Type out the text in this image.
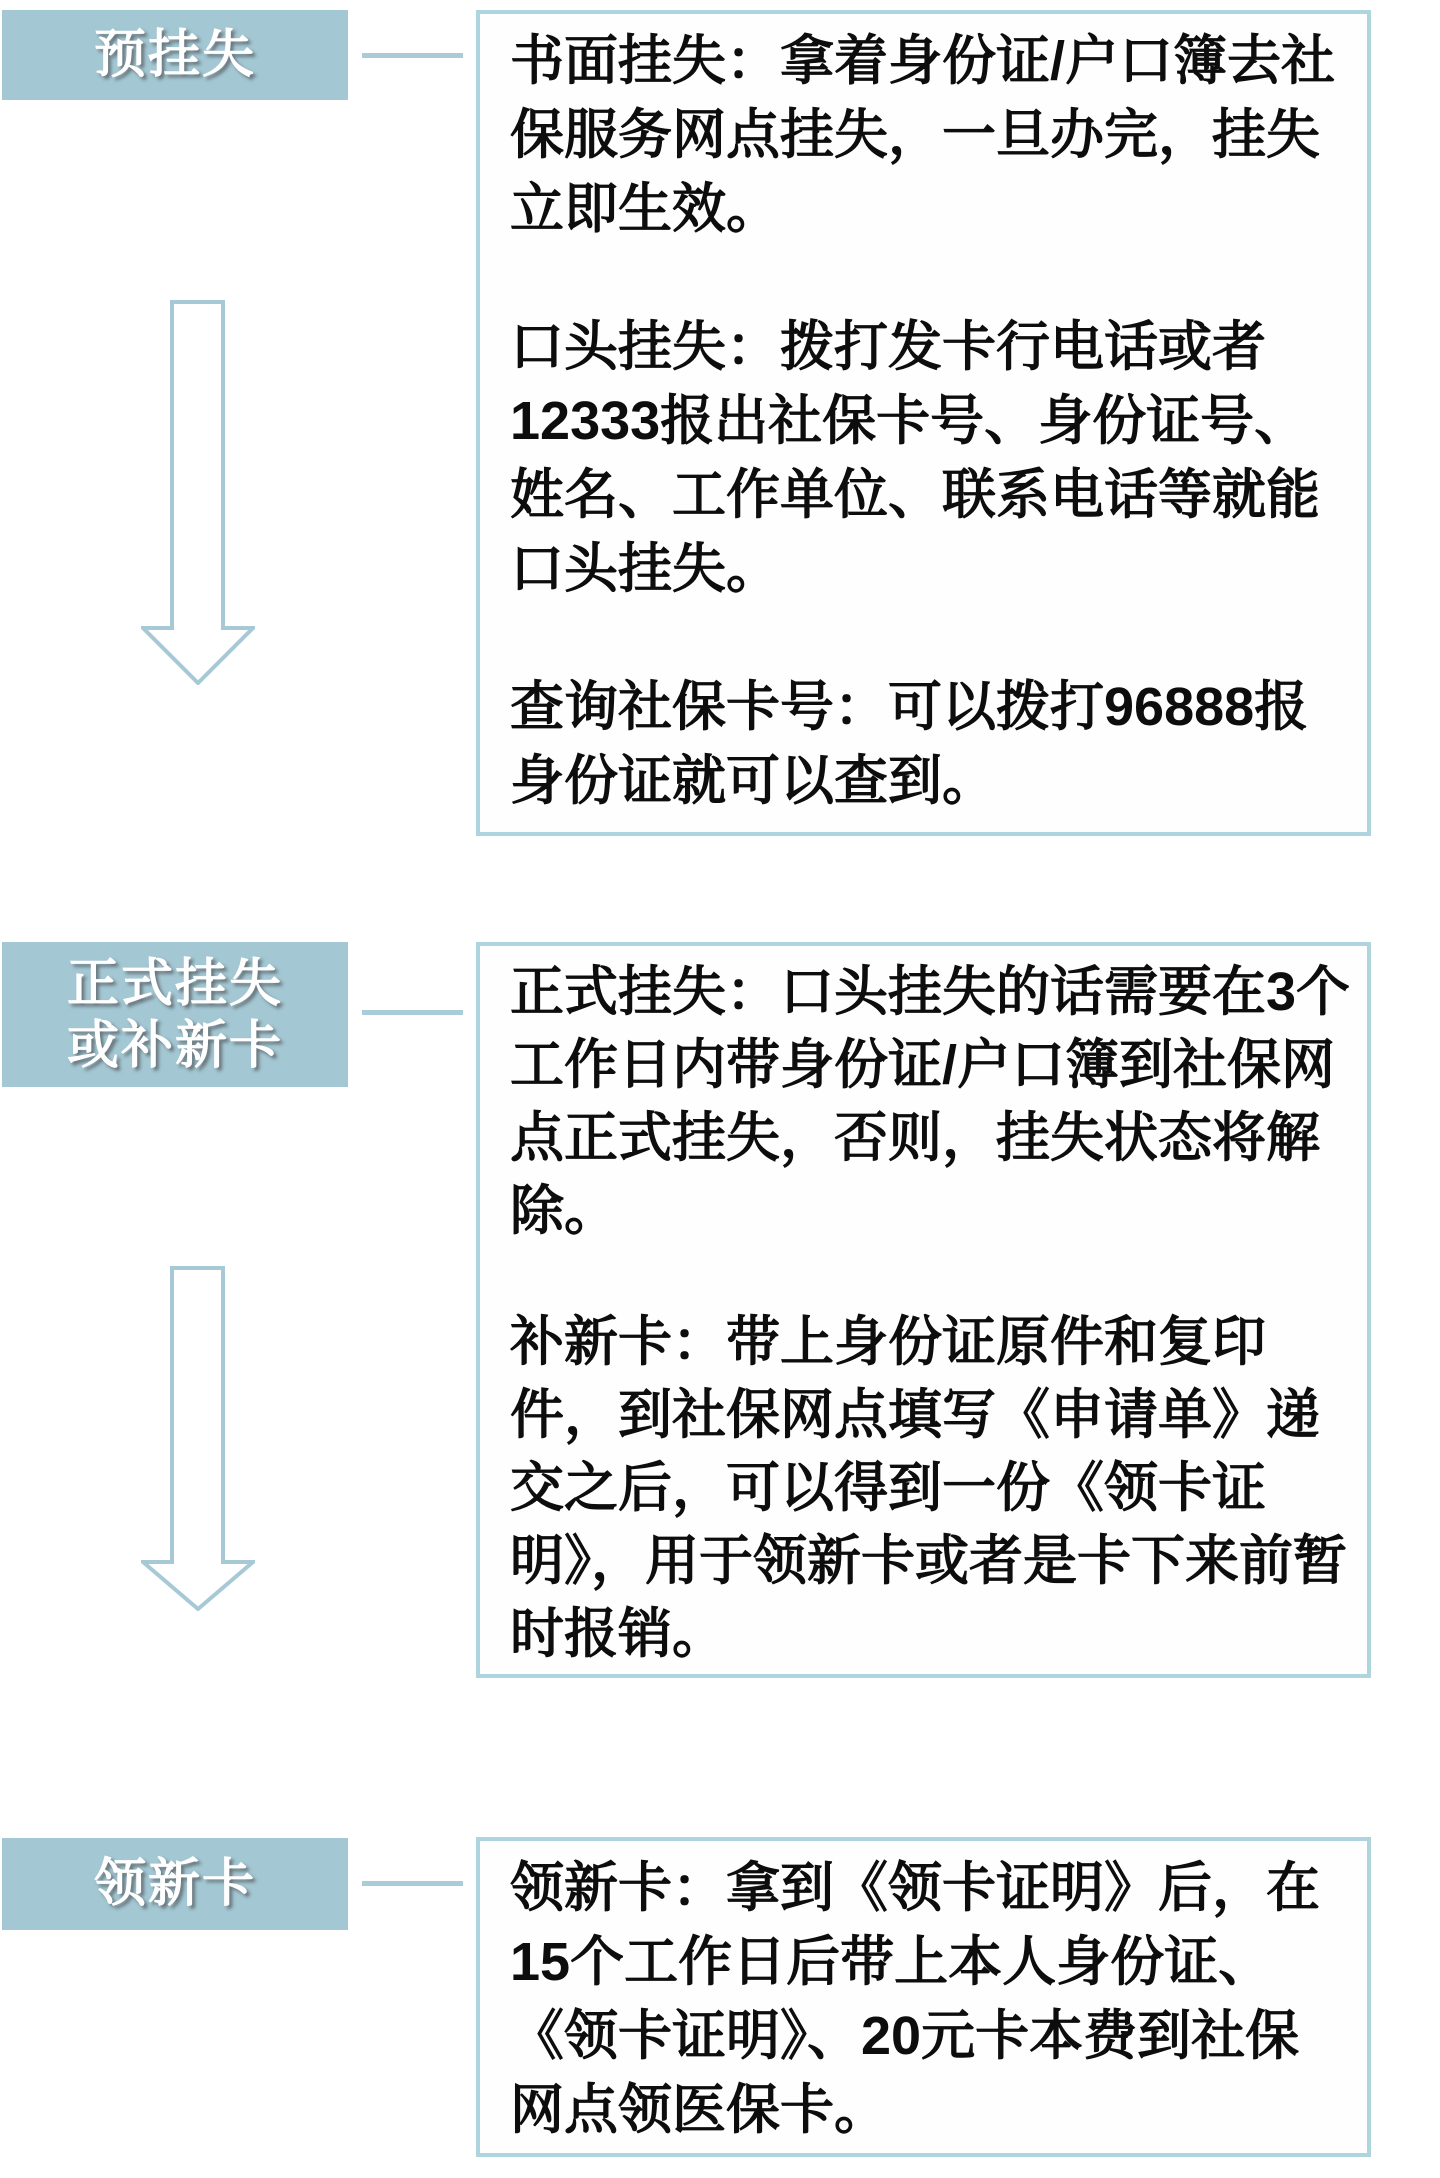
预挂失	书面挂失：拿着身份证/户口簿去社保服务网点挂失，一旦办完，挂失立即生效。

口头挂失：拨打发卡行电话或者12333报出社保卡号、身份证号、姓名、工作单位、联系电话等就能口头挂失。

查询社保卡号：可以拨打96888报身份证就可以查到。

正式挂失
或补新卡

正式挂失：口头挂失的话需要在3个工作日内带身份证/户口簿到社保网点正式挂失，否则，挂失状态将解除。

补新卡：带上身份证原件和复印件，到社保网点填写《申请单》递交之后，可以得到一份《领卡证明》，用于领新卡或者是卡下来前暂时报销。

领新卡	领新卡：拿到《领卡证明》后，在15个工作日后带上本人身份证、《领卡证明》、20元卡本费到社保网点领医保卡。
